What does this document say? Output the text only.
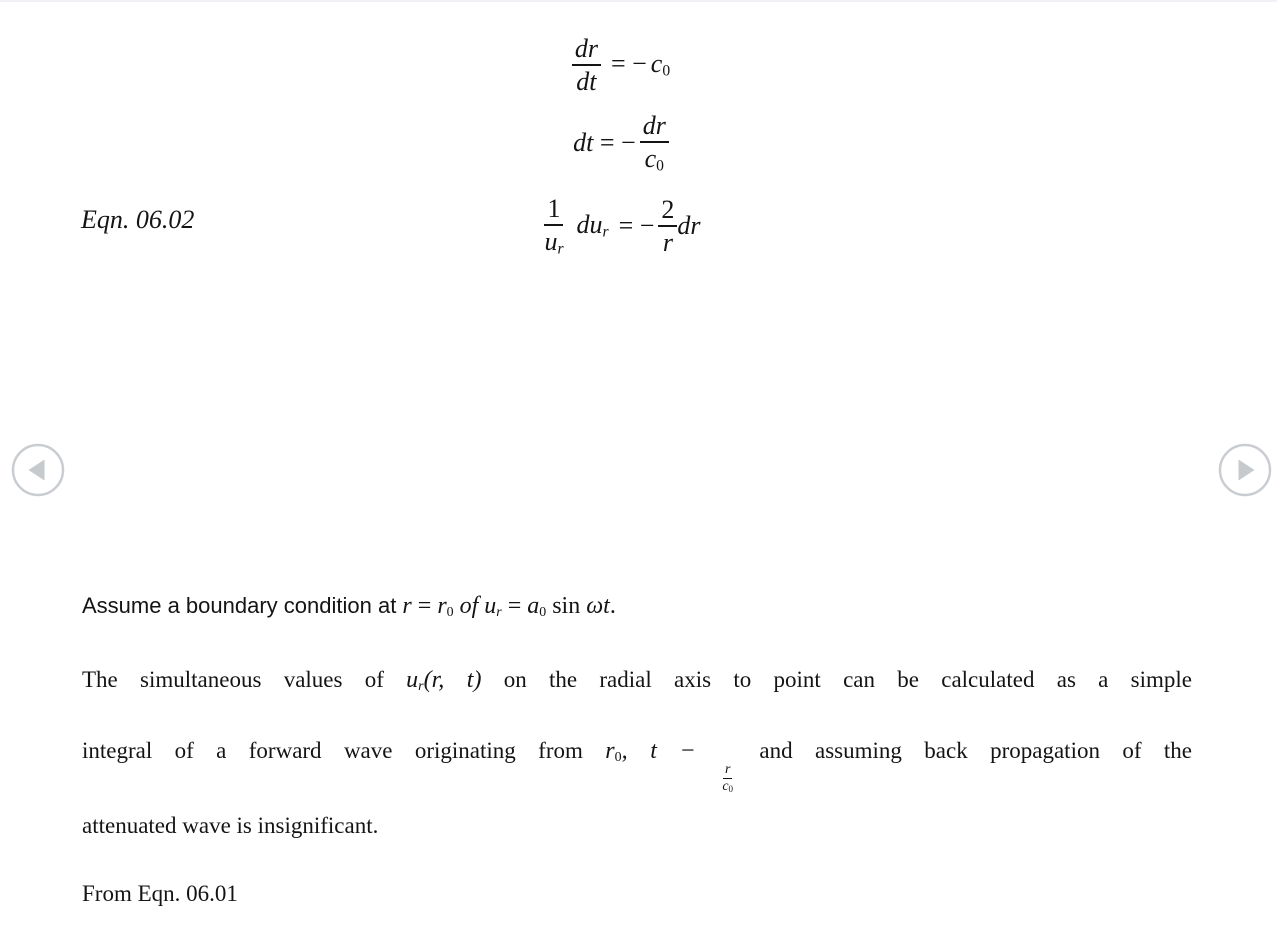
$\frac{dr}{dt}$ = − $c_0$
dt = − $\frac{dr}{c_0}$
$\frac{1}{u_r} du_r$ = − $\frac{2}{r}$ dr
Eqn. 06.02
Assume a boundary condition at r = r0 of ur = a0 sin ωt.
The simultaneous values of ur(r, t) on the radial axis to point can be calculated as a simple
integral of a forward wave originating from r0, t −
$\frac{r}{c_0}$
and assuming back propagation of the
attenuated wave is insignificant.
From Eqn. 06.01
